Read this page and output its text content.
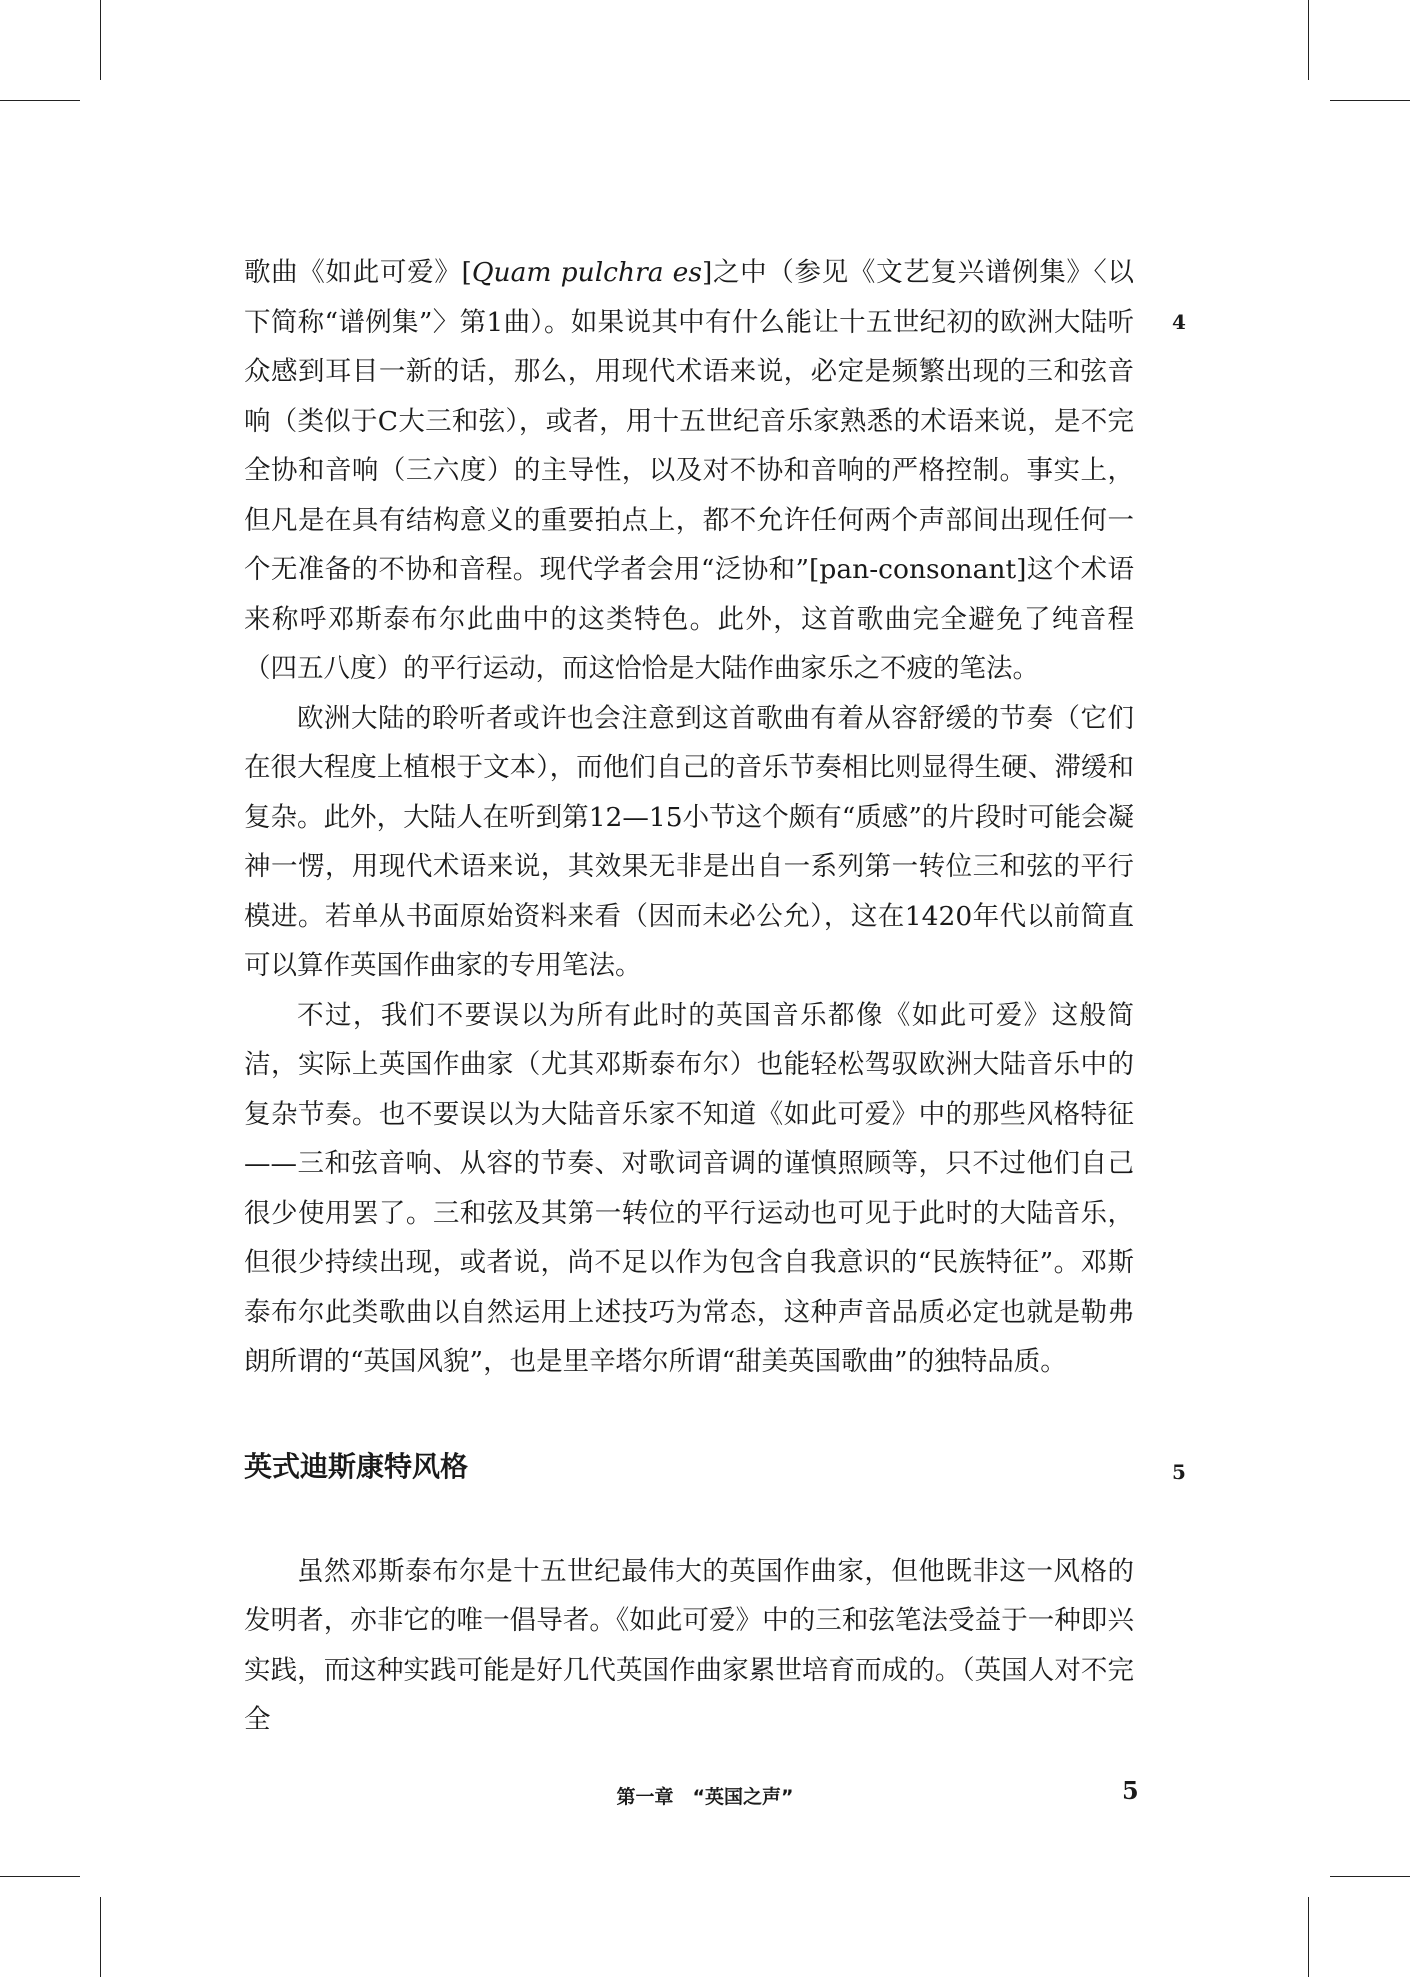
4
5

歌曲《如此可爱》[Quam pulchra es]之中（参见《文艺复兴谱例集》〈以下简称“谱例集”〉第1曲）。如果说其中有什么能让十五世纪初的欧洲大陆听众感到耳目一新的话，那么，用现代术语来说，必定是频繁出现的三和弦音响（类似于C大三和弦），或者，用十五世纪音乐家熟悉的术语来说，是不完全协和音响（三六度）的主导性，以及对不协和音响的严格控制。事实上，但凡是在具有结构意义的重要拍点上，都不允许任何两个声部间出现任何一个无准备的不协和音程。现代学者会用“泛协和”[pan-consonant]这个术语来称呼邓斯泰布尔此曲中的这类特色。此外，这首歌曲完全避免了纯音程（四五八度）的平行运动，而这恰恰是大陆作曲家乐之不疲的笔法。

欧洲大陆的聆听者或许也会注意到这首歌曲有着从容舒缓的节奏（它们在很大程度上植根于文本），而他们自己的音乐节奏相比则显得生硬、滞缓和复杂。此外，大陆人在听到第12—15小节这个颇有“质感”的片段时可能会凝神一愣，用现代术语来说，其效果无非是出自一系列第一转位三和弦的平行模进。若单从书面原始资料来看（因而未必公允），这在1420年代以前简直可以算作英国作曲家的专用笔法。

不过，我们不要误以为所有此时的英国音乐都像《如此可爱》这般简洁，实际上英国作曲家（尤其邓斯泰布尔）也能轻松驾驭欧洲大陆音乐中的复杂节奏。也不要误以为大陆音乐家不知道《如此可爱》中的那些风格特征——三和弦音响、从容的节奏、对歌词音调的谨慎照顾等，只不过他们自己很少使用罢了。三和弦及其第一转位的平行运动也可见于此时的大陆音乐，但很少持续出现，或者说，尚不足以作为包含自我意识的“民族特征”。邓斯泰布尔此类歌曲以自然运用上述技巧为常态，这种声音品质必定也就是勒弗朗所谓的“英国风貌”，也是里辛塔尔所谓“甜美英国歌曲”的独特品质。

英式迪斯康特风格

虽然邓斯泰布尔是十五世纪最伟大的英国作曲家，但他既非这一风格的发明者，亦非它的唯一倡导者。《如此可爱》中的三和弦笔法受益于一种即兴实践，而这种实践可能是好几代英国作曲家累世培育而成的。（英国人对不完全

第一章　“英国之声”	5
